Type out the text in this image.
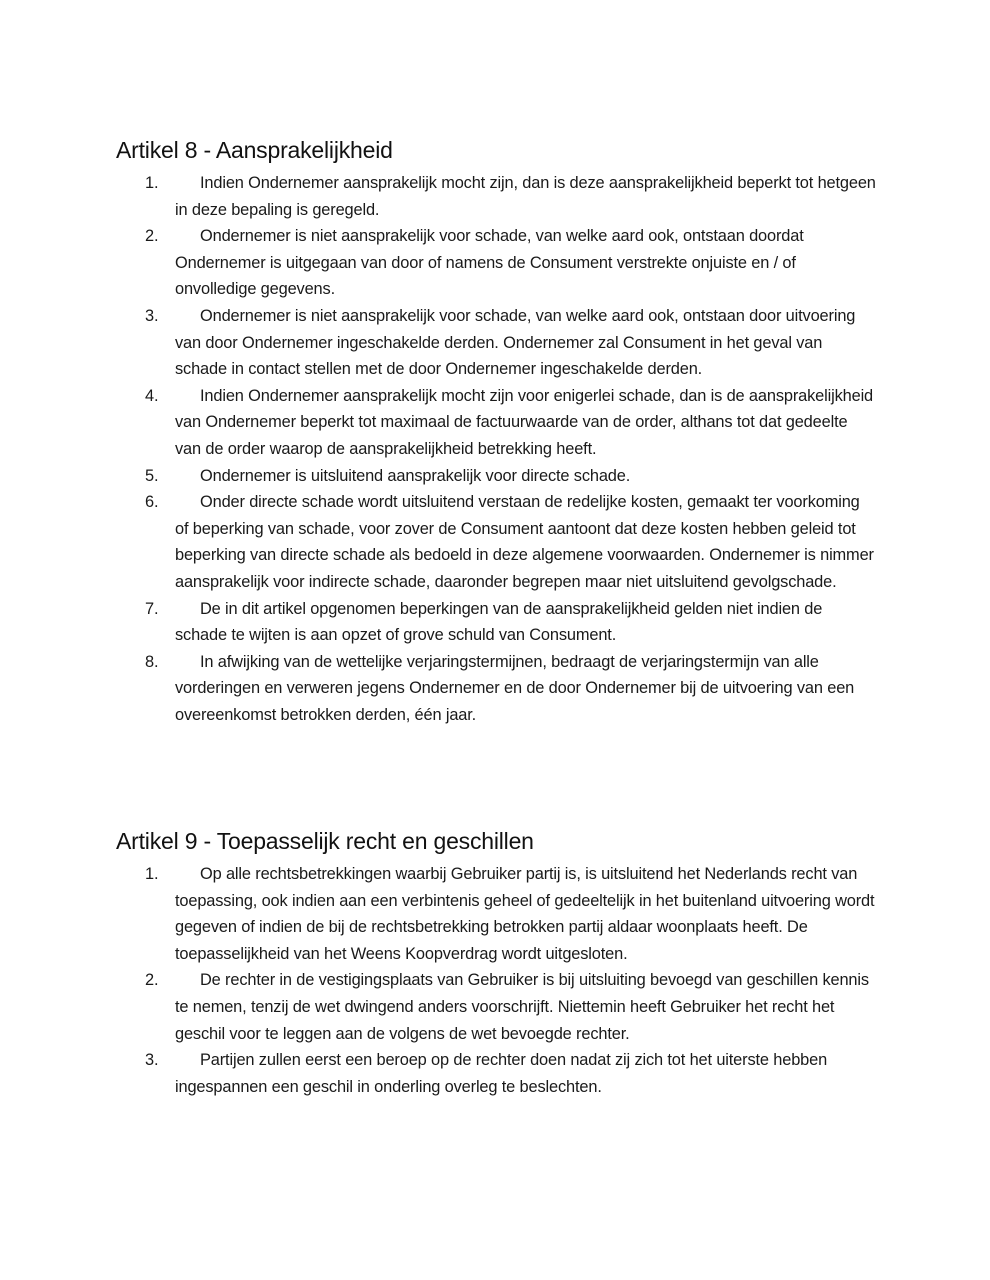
Artikel 8 - Aansprakelijkheid
1.	Indien Ondernemer aansprakelijk mocht zijn, dan is deze aansprakelijkheid beperkt tot hetgeen in deze bepaling is geregeld.
2.	Ondernemer is niet aansprakelijk voor schade, van welke aard ook, ontstaan doordat Ondernemer is uitgegaan van door of namens de Consument verstrekte onjuiste en / of onvolledige gegevens.
3.	Ondernemer is niet aansprakelijk voor schade, van welke aard ook, ontstaan door uitvoering van door Ondernemer ingeschakelde derden. Ondernemer zal Consument in het geval van schade in contact stellen met de door Ondernemer ingeschakelde derden.
4.	Indien Ondernemer aansprakelijk mocht zijn voor enigerlei schade, dan is de aansprakelijkheid van Ondernemer beperkt tot maximaal de factuurwaarde van de order, althans tot dat gedeelte van de order waarop de aansprakelijkheid betrekking heeft.
5.	Ondernemer is uitsluitend aansprakelijk voor directe schade.
6.	Onder directe schade wordt uitsluitend verstaan de redelijke kosten, gemaakt ter voorkoming of beperking van schade, voor zover de Consument aantoont dat deze kosten hebben geleid tot beperking van directe schade als bedoeld in deze algemene voorwaarden. Ondernemer is nimmer aansprakelijk voor indirecte schade, daaronder begrepen maar niet uitsluitend gevolgschade.
7.	De in dit artikel opgenomen beperkingen van de aansprakelijkheid gelden niet indien de schade te wijten is aan opzet of grove schuld van Consument.
8.	In afwijking van de wettelijke verjaringstermijnen, bedraagt de verjaringstermijn van alle vorderingen en verweren jegens Ondernemer en de door Ondernemer bij de uitvoering van een overeenkomst betrokken derden, één jaar.
Artikel 9 - Toepasselijk recht en geschillen
1.	Op alle rechtsbetrekkingen waarbij Gebruiker partij is, is uitsluitend het Nederlands recht van toepassing, ook indien aan een verbintenis geheel of gedeeltelijk in het buitenland uitvoering wordt gegeven of indien de bij de rechtsbetrekking betrokken partij aldaar woonplaats heeft. De toepasselijkheid van het Weens Koopverdrag wordt uitgesloten.
2.	De rechter in de vestigingsplaats van Gebruiker is bij uitsluiting bevoegd van geschillen kennis te nemen, tenzij de wet dwingend anders voorschrijft. Niettemin heeft Gebruiker het recht het geschil voor te leggen aan de volgens de wet bevoegde rechter.
3.	Partijen zullen eerst een beroep op de rechter doen nadat zij zich tot het uiterste hebben ingespannen een geschil in onderling overleg te beslechten.
